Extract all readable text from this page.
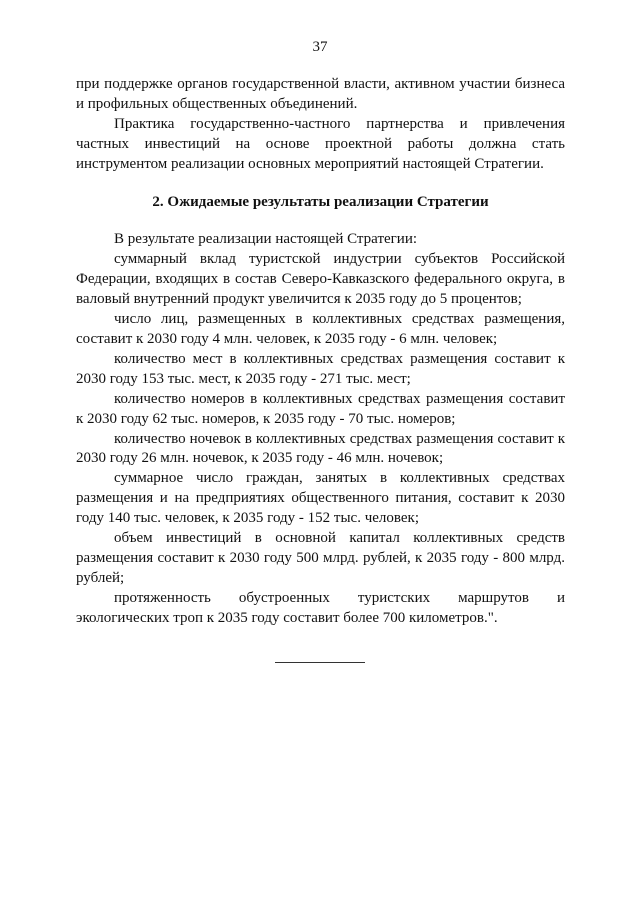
37

при поддержке органов государственной власти, активном участии бизнеса и профильных общественных объединений.

Практика государственно-частного партнерства и привлечения частных инвестиций на основе проектной работы должна стать инструментом реализации основных мероприятий настоящей Стратегии.

2. Ожидаемые результаты реализации Стратегии

В результате реализации настоящей Стратегии:

суммарный вклад туристской индустрии субъектов Российской Федерации, входящих в состав Северо-Кавказского федерального округа, в валовый внутренний продукт увеличится к 2035 году до 5 процентов;

число лиц, размещенных в коллективных средствах размещения, составит к 2030 году 4 млн. человек, к 2035 году - 6 млн. человек;

количество мест в коллективных средствах размещения составит к 2030 году 153 тыс. мест, к 2035 году - 271 тыс. мест;

количество номеров в коллективных средствах размещения составит к 2030 году 62 тыс. номеров, к 2035 году - 70 тыс. номеров;

количество ночевок в коллективных средствах размещения составит к 2030 году 26 млн. ночевок, к 2035 году - 46 млн. ночевок;

суммарное число граждан, занятых в коллективных средствах размещения и на предприятиях общественного питания, составит к 2030 году 140 тыс. человек, к 2035 году - 152 тыс. человек;

объем инвестиций в основной капитал коллективных средств размещения составит к 2030 году 500 млрд. рублей, к 2035 году - 800 млрд. рублей;

протяженность обустроенных туристских маршрутов и экологических троп к 2035 году составит более 700 километров.".
